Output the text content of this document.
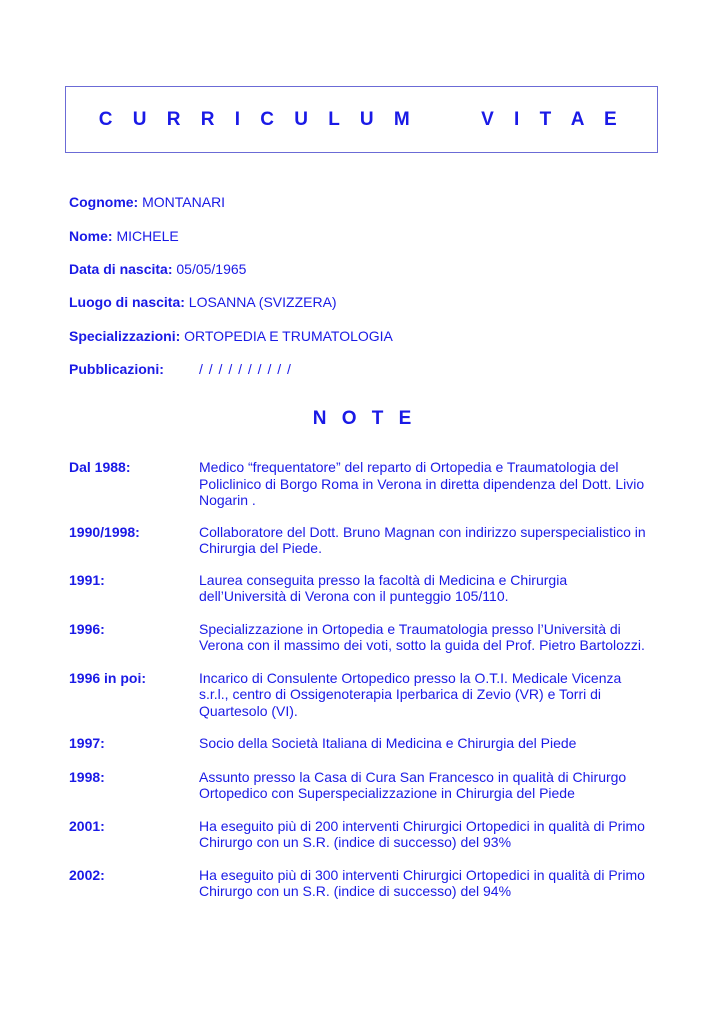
C U R R I C U L U M     V I T A E
Cognome: MONTANARI
Nome: MICHELE
Data di nascita: 05/05/1965
Luogo di nascita: LOSANNA (SVIZZERA)
Specializzazioni: ORTOPEDIA E TRUMATOLOGIA
Pubblicazioni:	/ / / / / / / / / /
N O T E
Dal 1988:	Medico “frequentatore” del reparto di Ortopedia e Traumatologia del Policlinico di Borgo Roma in Verona in diretta dipendenza del Dott. Livio Nogarin .
1990/1998:	Collaboratore del Dott. Bruno Magnan con indirizzo superspecialistico in Chirurgia del Piede.
1991:	Laurea conseguita presso la facoltà di Medicina e Chirurgia dell’Università di Verona con il punteggio 105/110.
1996:	Specializzazione in Ortopedia e Traumatologia presso l’Università di Verona con il massimo dei voti, sotto la guida del Prof. Pietro Bartolozzi.
1996 in poi:	Incarico di Consulente Ortopedico presso la O.T.I. Medicale Vicenza s.r.l., centro di Ossigenoterapia Iperbarica di Zevio (VR) e Torri di Quartesolo (VI).
1997:	Socio della Società Italiana di Medicina e Chirurgia del Piede
1998:	Assunto presso la Casa di Cura San Francesco in qualità di Chirurgo Ortopedico con Superspecializzazione in Chirurgia del Piede
2001:	Ha eseguito più di 200 interventi Chirurgici Ortopedici in qualità di Primo Chirurgo con un S.R. (indice di successo) del 93%
2002:	Ha eseguito più di 300 interventi Chirurgici Ortopedici in qualità di Primo Chirurgo con un S.R. (indice di successo) del 94%
